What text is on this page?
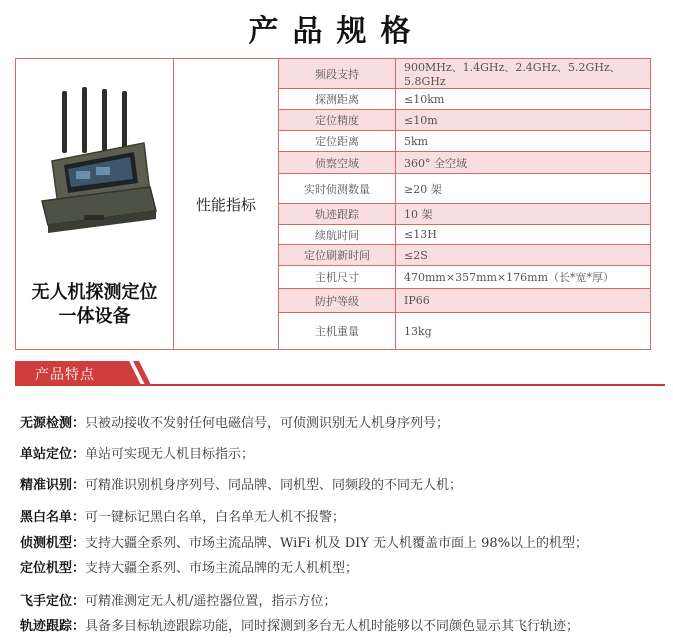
产品规格
无人机探测定位
一体设备	性能指标	频段支持	900MHz、1.4GHz、2.4GHz、5.2GHz、5.8GHz
		探测距离	≤10km
		定位精度	≤10m
		定位距离	5km
		侦察空域	360° 全空域
		实时侦测数量	≥20 架
		轨迹跟踪	10 架
		续航时间	≤13H
		定位刷新时间	≤2S
		主机尺寸	470mm×357mm×176mm（长*宽*厚）
		防护等级	IP66
		主机重量	13kg
产品特点
无源检测：只被动接收不发射任何电磁信号，可侦测识别无人机身序列号；
单站定位：单站可实现无人机目标指示；
精准识别：可精准识别机身序列号、同品牌、同机型、同频段的不同无人机；
黑白名单：可一键标记黑白名单，白名单无人机不报警；
侦测机型：支持大疆全系列、市场主流品牌、WiFi 机及 DIY 无人机覆盖市面上 98%以上的机型；
定位机型：支持大疆全系列、市场主流品牌的无人机机型；
飞手定位：可精准测定无人机/遥控器位置，指示方位；
轨迹跟踪：具备多目标轨迹跟踪功能，同时探测到多台无人机时能够以不同颜色显示其飞行轨迹；
